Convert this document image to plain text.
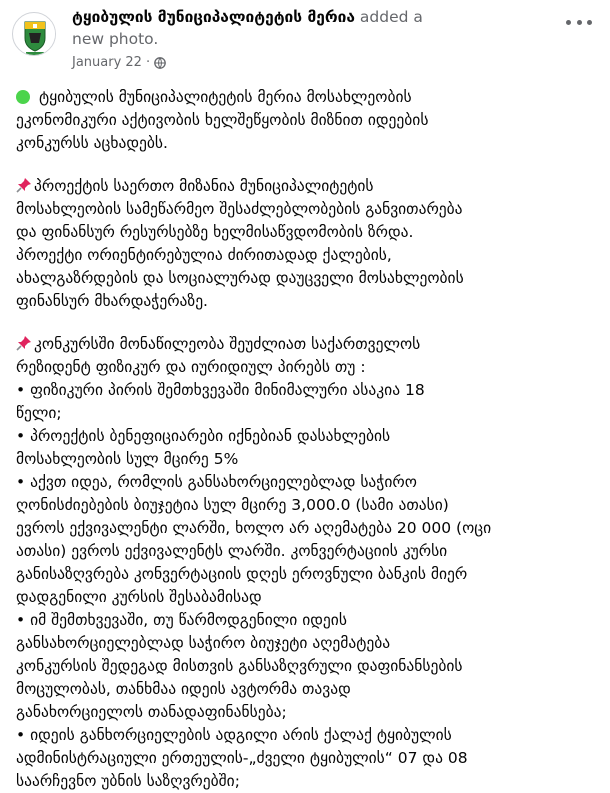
ტყიბულის მუნიციპალიტეტის მერია added a
new photo.
January 22 ·
ტყიბულის მუნიციპალიტეტის მერია მოსახლეობის
ეკონომიკური აქტივობის ხელშეწყობის მიზნით იდეების
კონკურსს აცხადებს.
პროექტის საერთო მიზანია მუნიციპალიტეტის
მოსახლეობის სამეწარმეო შესაძლებლობების განვითარება
და ფინანსურ რესურსებზე ხელმისაწვდომობის ზრდა.
პროექტი ორიენტირებულია ძირითადად ქალების,
ახალგაზრდების და სოციალურად დაუცველი მოსახლეობის
ფინანსურ მხარდაჭერაზე.
კონკურსში მონაწილეობა შეუძლიათ საქართველოს
რეზიდენტ ფიზიკურ და იურიდიულ პირებს თუ :
• ფიზიკური პირის შემთხვევაში მინიმალური ასაკია 18
წელი;
• პროექტის ბენეფიციარები იქნებიან დასახლების
მოსახლეობის სულ მცირე 5%
• აქვთ იდეა, რომლის განსახორციელებლად საჭირო
ღონისძიებების ბიუჯეტია სულ მცირე 3,000.0 (სამი ათასი)
ევროს ექვივალენტი ლარში, ხოლო არ აღემატება 20 000 (ოცი
ათასი) ევროს ექვივალენტს ლარში. კონვერტაციის კურსი
განისაზღვრება კონვერტაციის დღეს ეროვნული ბანკის მიერ
დადგენილი კურსის შესაბამისად
• იმ შემთხვევაში, თუ წარმოდგენილი იდეის
განსახორციელებლად საჭირო ბიუჯეტი აღემატება
კონკურსის შედეგად მისთვის განსაზღვრული დაფინანსების
მოცულობას, თანხმაა იდეის ავტორმა თავად
განახორციელოს თანადაფინანსება;
• იდეის განხორციელების ადგილი არის ქალაქ ტყიბულის
ადმინისტრაციული ერთეულის-„ძველი ტყიბულის“ 07 და 08
საარჩევნო უბნის საზღვრებში;
